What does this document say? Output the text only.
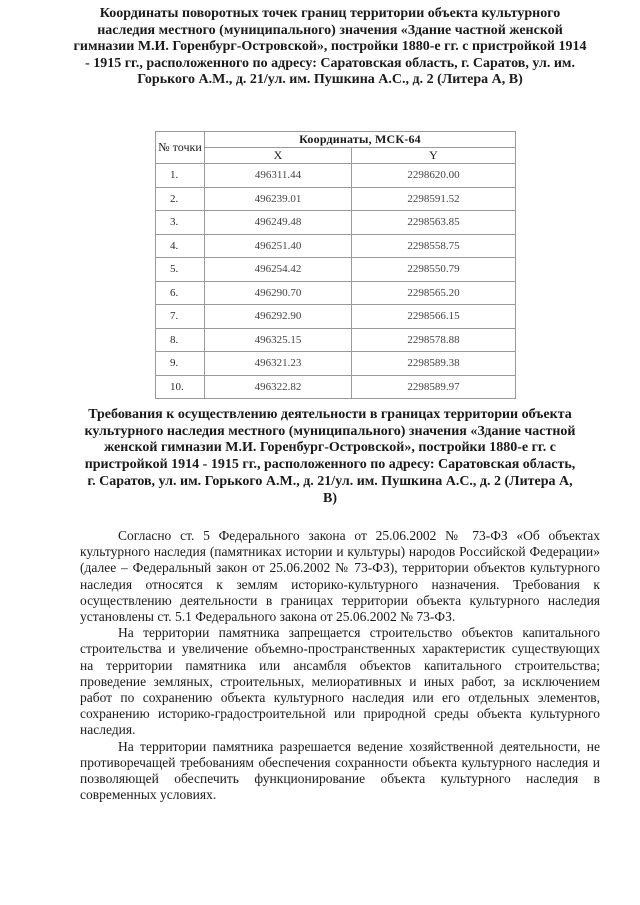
Координаты поворотных точек границ территории объекта культурного наследия местного (муниципального) значения «Здание частной женской гимназии М.И. Горенбург-Островской», постройки 1880-е гг. с пристройкой 1914 - 1915 гг., расположенного по адресу: Саратовская область, г. Саратов, ул. им. Горького А.М., д. 21/ул. им. Пушкина А.С., д. 2 (Литера А, В)
№ точки	Координаты, МСК-64	
	X	Y
1.	496311.44	2298620.00
2.	496239.01	2298591.52
3.	496249.48	2298563.85
4.	496251.40	2298558.75
5.	496254.42	2298550.79
6.	496290.70	2298565.20
7.	496292.90	2298566.15
8.	496325.15	2298578.88
9.	496321.23	2298589.38
10.	496322.82	2298589.97
Требования к осуществлению деятельности в границах территории объекта культурного наследия местного (муниципального) значения «Здание частной женской гимназии М.И. Горенбург-Островской», постройки 1880-е гг. с пристройкой 1914 - 1915 гг., расположенного по адресу: Саратовская область, г. Саратов, ул. им. Горького А.М., д. 21/ул. им. Пушкина А.С., д. 2 (Литера А, В)

Согласно ст. 5 Федерального закона от 25.06.2002 № 73-ФЗ «Об объектах культурного наследия (памятниках истории и культуры) народов Российской Федерации» (далее – Федеральный закон от 25.06.2002 № 73-ФЗ), территории объектов культурного наследия относятся к землям историко-культурного назначения. Требования к осуществлению деятельности в границах территории объекта культурного наследия установлены ст. 5.1 Федерального закона от 25.06.2002 № 73-ФЗ.

На территории памятника запрещается строительство объектов капитального строительства и увеличение объемно-пространственных характеристик существующих на территории памятника или ансамбля объектов капитального строительства; проведение земляных, строительных, мелиоративных и иных работ, за исключением работ по сохранению объекта культурного наследия или его отдельных элементов, сохранению историко-градостроительной или природной среды объекта культурного наследия.

На территории памятника разрешается ведение хозяйственной деятельности, не противоречащей требованиям обеспечения сохранности объекта культурного наследия и позволяющей обеспечить функционирование объекта культурного наследия в современных условиях.
